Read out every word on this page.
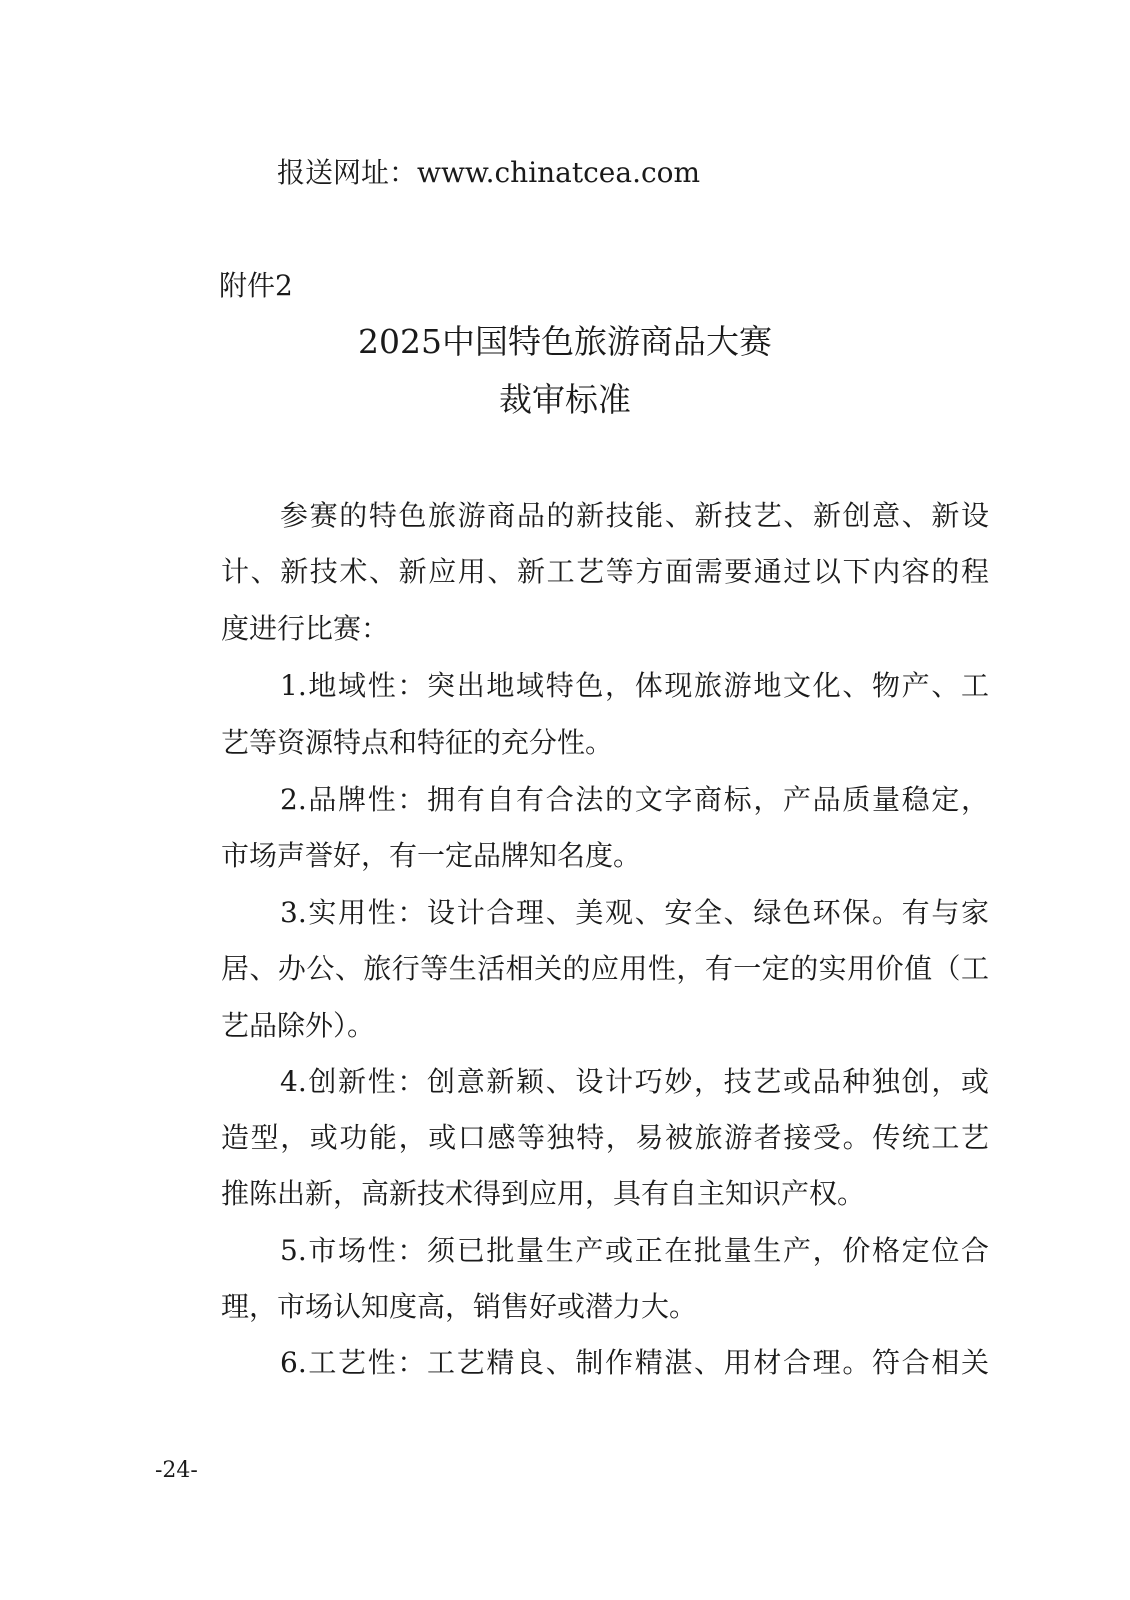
报送网址：www.chinatcea.com

附件2

2025中国特色旅游商品大赛

裁审标准

参赛的特色旅游商品的新技能、新技艺、新创意、新设

计、新技术、新应用、新工艺等方面需要通过以下内容的程

度进行比赛：

1.地域性：突出地域特色，体现旅游地文化、物产、工

艺等资源特点和特征的充分性。

2.品牌性：拥有自有合法的文字商标，产品质量稳定，

市场声誉好，有一定品牌知名度。

3.实用性：设计合理、美观、安全、绿色环保。有与家

居、办公、旅行等生活相关的应用性，有一定的实用价值（工

艺品除外）。

4.创新性：创意新颖、设计巧妙，技艺或品种独创，或

造型，或功能，或口感等独特，易被旅游者接受。传统工艺

推陈出新，高新技术得到应用，具有自主知识产权。

5.市场性：须已批量生产或正在批量生产，价格定位合

理，市场认知度高，销售好或潜力大。

6.工艺性：工艺精良、制作精湛、用材合理。符合相关

-24-
